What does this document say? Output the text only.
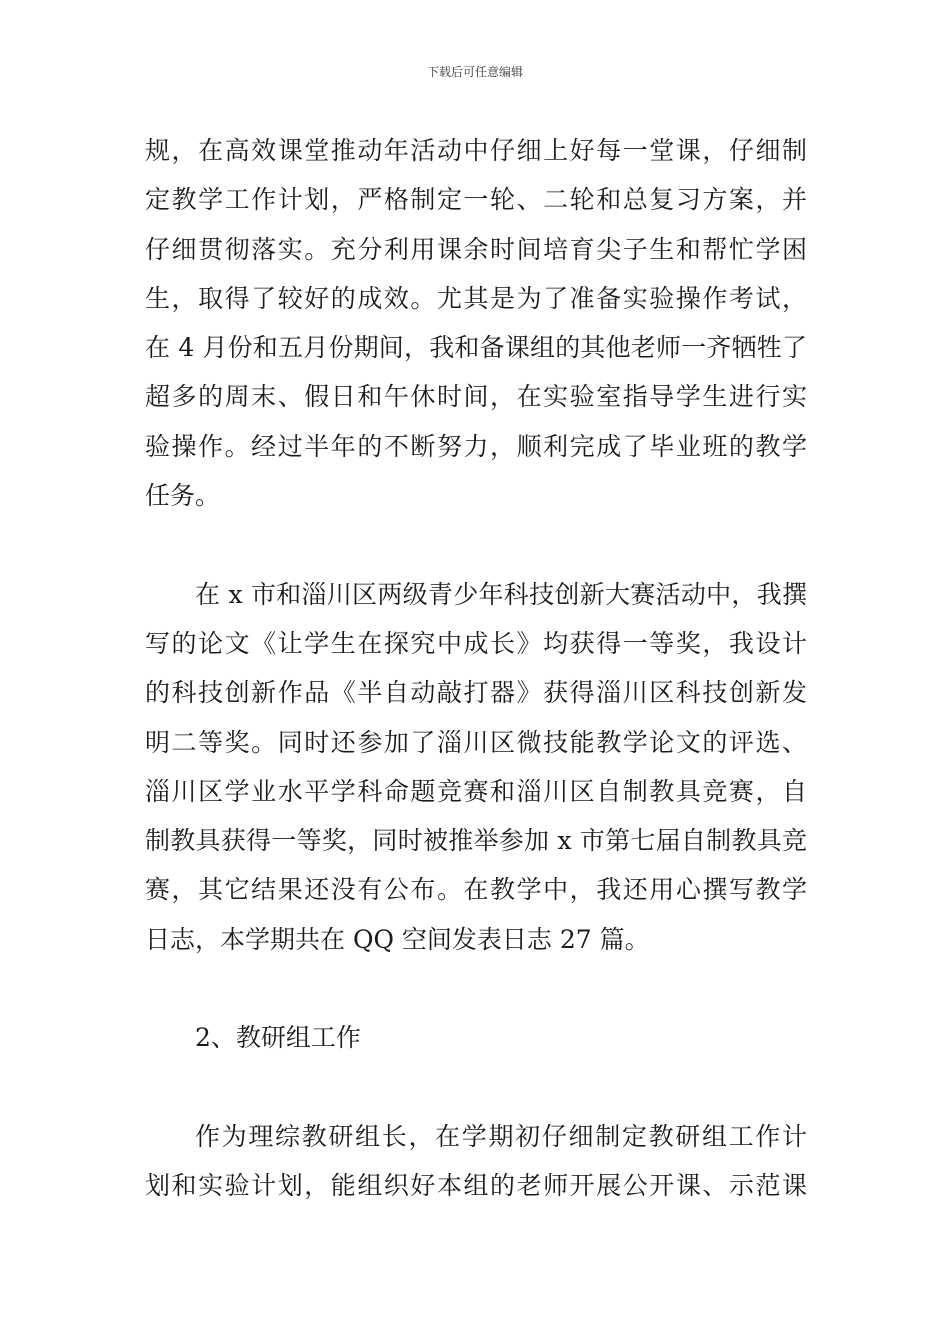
下载后可任意编辑
规，在高效课堂推动年活动中仔细上好每一堂课，仔细制
定教学工作计划，严格制定一轮、二轮和总复习方案，并
仔细贯彻落实。充分利用课余时间培育尖子生和帮忙学困
生，取得了较好的成效。尤其是为了准备实验操作考试，
在 4 月份和五月份期间，我和备课组的其他老师一齐牺牲了
超多的周末、假日和午休时间，在实验室指导学生进行实
验操作。经过半年的不断努力，顺利完成了毕业班的教学
任务。
在 x 市和淄川区两级青少年科技创新大赛活动中，我撰
写的论文《让学生在探究中成长》均获得一等奖，我设计
的科技创新作品《半自动敲打器》获得淄川区科技创新发
明二等奖。同时还参加了淄川区微技能教学论文的评选、
淄川区学业水平学科命题竞赛和淄川区自制教具竞赛，自
制教具获得一等奖，同时被推举参加 x 市第七届自制教具竞
赛，其它结果还没有公布。在教学中，我还用心撰写教学
日志，本学期共在 QQ 空间发表日志 27 篇。
2、教研组工作
作为理综教研组长，在学期初仔细制定教研组工作计
划和实验计划，能组织好本组的老师开展公开课、示范课
